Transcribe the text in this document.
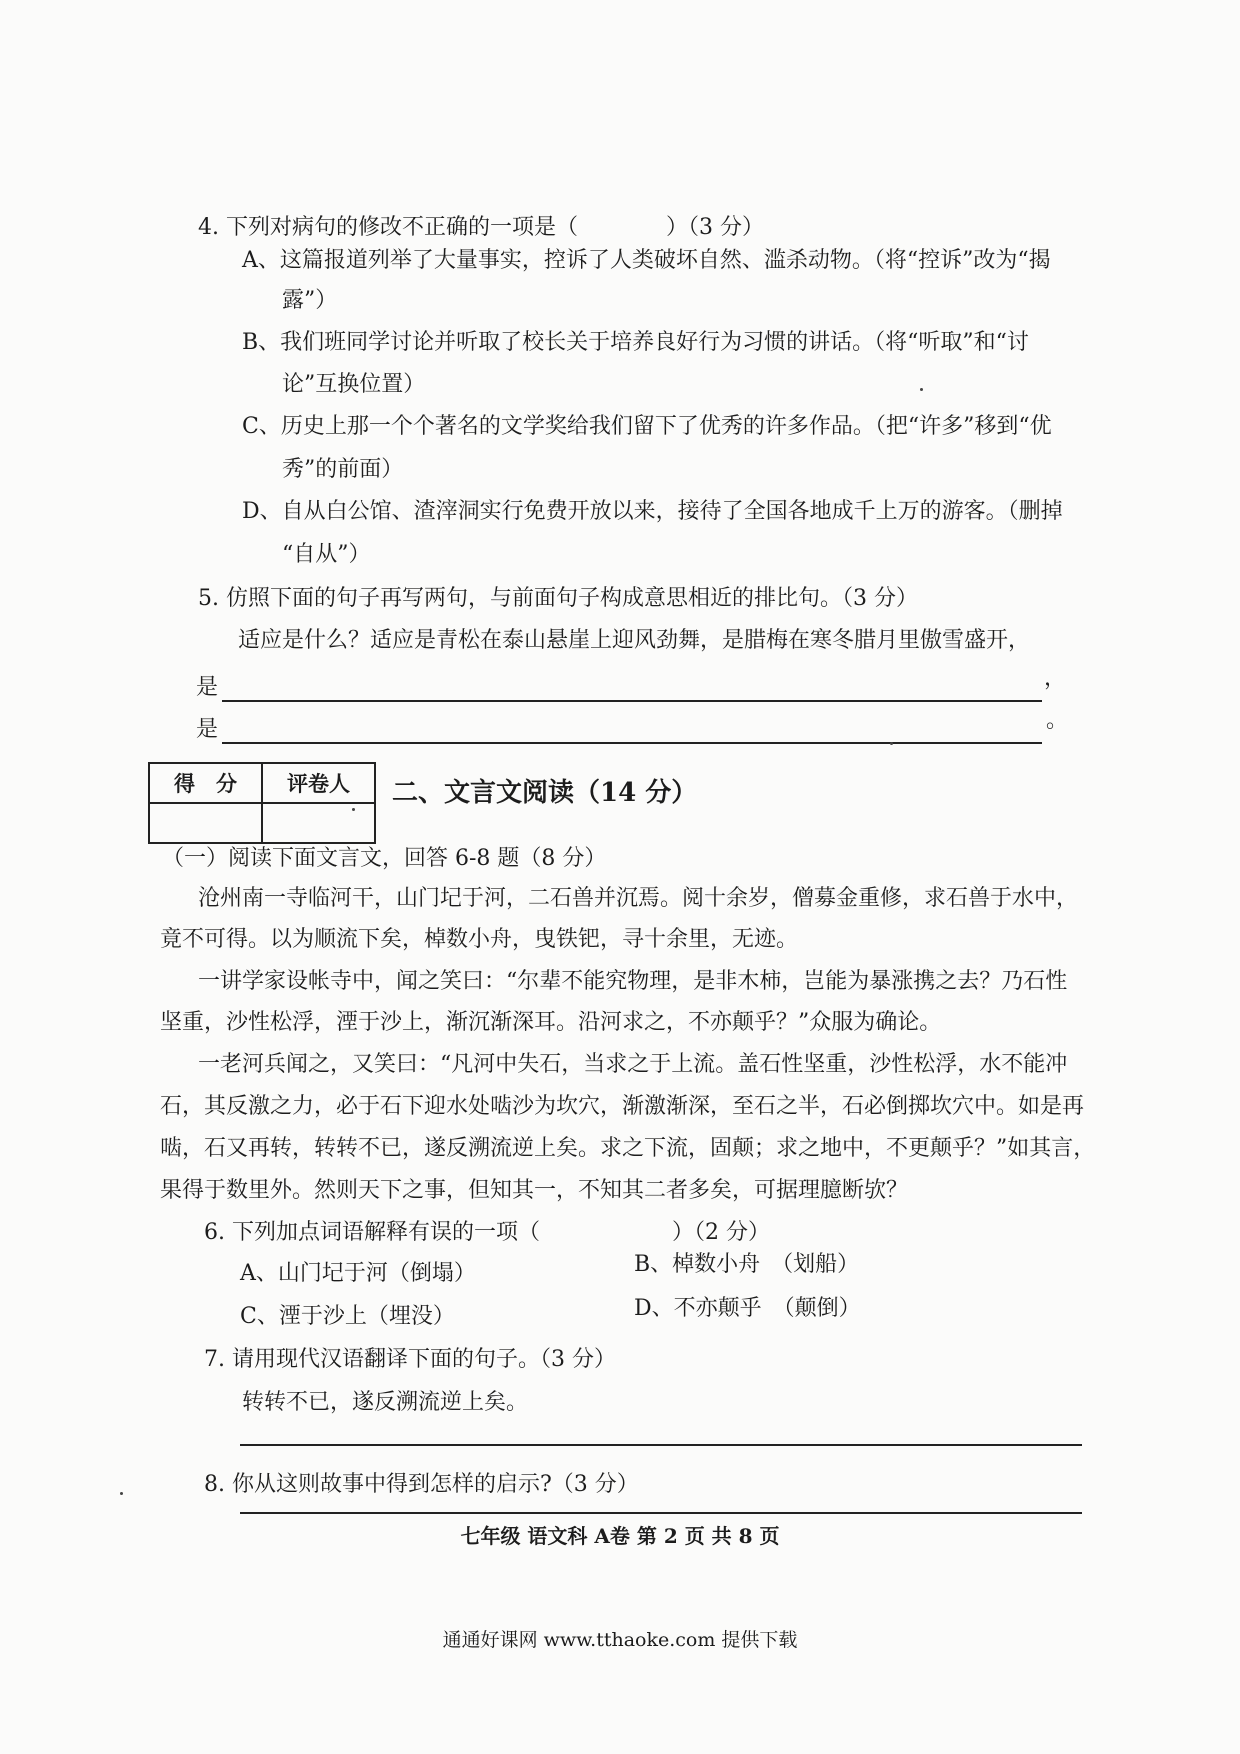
4. 下列对病句的修改不正确的一项是（　　　　）（3 分）
A、这篇报道列举了大量事实，控诉了人类破坏自然、滥杀动物。（将“控诉”改为“揭
露”）
B、我们班同学讨论并听取了校长关于培养良好行为习惯的讲话。（将“听取”和“讨
论”互换位置）
C、历史上那一个个著名的文学奖给我们留下了优秀的许多作品。（把“许多”移到“优
秀”的前面）
D、自从白公馆、渣滓洞实行免费开放以来，接待了全国各地成千上万的游客。（删掉
“自从”）
5. 仿照下面的句子再写两句，与前面句子构成意思相近的排比句。（3 分）
适应是什么？适应是青松在泰山悬崖上迎风劲舞，是腊梅在寒冬腊月里傲雪盛开，
是	，
是	。
得　分	评卷人
	二、文言文阅读（14 分）
（一）阅读下面文言文，回答 6-8 题（8 分）
沧州南一寺临河干，山门圮于河，二石兽并沉焉。阅十余岁，僧募金重修，求石兽于水中，
竟不可得。以为顺流下矣，棹数小舟，曳铁钯，寻十余里，无迹。
一讲学家设帐寺中，闻之笑曰：“尔辈不能究物理，是非木柿，岂能为暴涨携之去？乃石性
坚重，沙性松浮，湮于沙上，渐沉渐深耳。沿河求之，不亦颠乎？”众服为确论。
一老河兵闻之，又笑曰：“凡河中失石，当求之于上流。盖石性坚重，沙性松浮，水不能冲
石，其反激之力，必于石下迎水处啮沙为坎穴，渐激渐深，至石之半，石必倒掷坎穴中。如是再
啮，石又再转，转转不已，遂反溯流逆上矣。求之下流，固颠；求之地中，不更颠乎？”如其言，
果得于数里外。然则天下之事，但知其一，不知其二者多矣，可据理臆断欤？
6. 下列加点词语解释有误的一项（　　　　　　）（2 分）
A、山门圮于河（倒塌）	B、棹数小舟　（划船）
C、湮于沙上（埋没）	D、不亦颠乎　（颠倒）
7. 请用现代汉语翻译下面的句子。（3 分）
转转不已，遂反溯流逆上矣。
8. 你从这则故事中得到怎样的启示?（3 分）
七年级 语文科 A卷 第 2 页 共 8 页
通通好课网 www.tthaoke.com 提供下载
